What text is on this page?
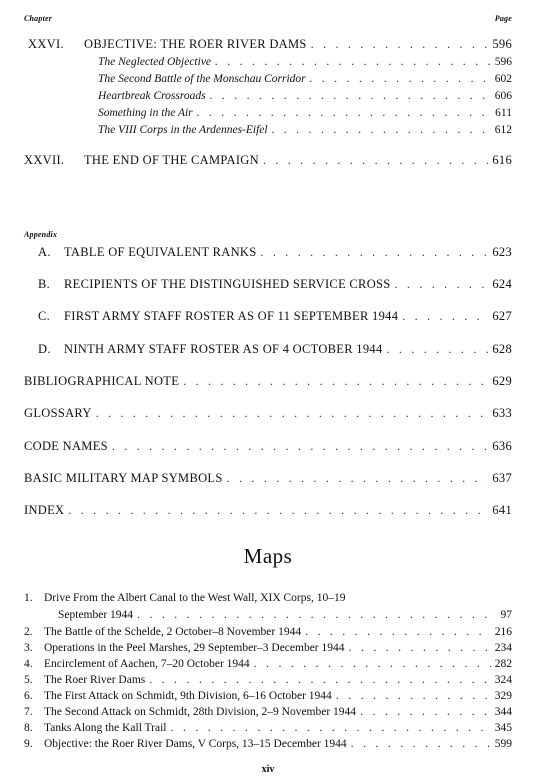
Chapter	Page
XXVI.	OBJECTIVE: THE ROER RIVER DAMS . . .	596
The Neglected Objective . . .	596
The Second Battle of the Monschau Corridor . . .	602
Heartbreak Crossroads . . .	606
Something in the Air . . .	611
The VIII Corps in the Ardennes-Eifel . . .	612
XXVII.	THE END OF THE CAMPAIGN . . .	616
Appendix
A.	TABLE OF EQUIVALENT RANKS . . .	623
B.	RECIPIENTS OF THE DISTINGUISHED SERVICE CROSS . . .	624
C.	FIRST ARMY STAFF ROSTER AS OF 11 SEPTEMBER 1944 . . .	627
D.	NINTH ARMY STAFF ROSTER AS OF 4 OCTOBER 1944 . . .	628
BIBLIOGRAPHICAL NOTE . . .	629
GLOSSARY . . .	633
CODE NAMES . . .	636
BASIC MILITARY MAP SYMBOLS . . .	637
INDEX . . .	641
Maps
1. Drive From the Albert Canal to the West Wall, XIX Corps, 10–19
September 1944 . . .	97
2. The Battle of the Schelde, 2 October–8 November 1944 . . .	216
3. Operations in the Peel Marshes, 29 September–3 December 1944 . . .	234
4. Encirclement of Aachen, 7–20 October 1944 . . .	282
5. The Roer River Dams . . .	324
6. The First Attack on Schmidt, 9th Division, 6–16 October 1944 . . .	329
7. The Second Attack on Schmidt, 28th Division, 2–9 November 1944 . . .	344
8. Tanks Along the Kall Trail . . .	345
9. Objective: the Roer River Dams, V Corps, 13–15 December 1944 . . .	599
xiv
